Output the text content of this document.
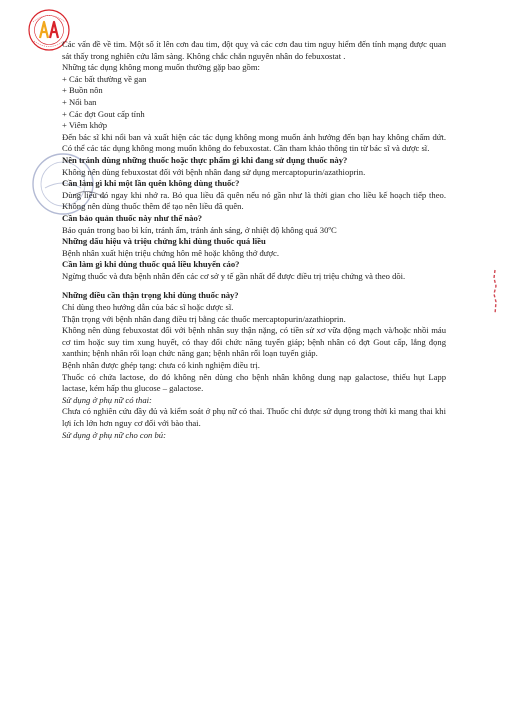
Các vấn đề về tim. Một số ít lên cơn đau tim, đột quỵ và các cơn đau tim nguy hiểm đến tính mạng được quan sát thấy trong nghiên cứu lâm sàng. Không chắc chắn nguyên nhân do febuxostat .

Những tác dụng không mong muốn thường gặp bao gồm:

+ Các bất thường về gan

+ Buồn nôn

+ Nổi ban

+ Các đợt Gout cấp tính

+ Viêm khớp

Đến bác sĩ khi nổi ban và xuất hiện các tác dụng không mong muốn ảnh hưởng đến bạn hay không chấm dứt. Có thể các tác dụng không mong muốn không do febuxostat. Cần tham khảo thông tin từ bác sĩ và dược sĩ.

Nên tránh dùng những thuốc hoặc thực phẩm gì khi đang sử dụng thuốc này?

Không nên dùng febuxostat đối với bệnh nhân đang sử dụng mercaptopurin/azathioprin.

Cần làm gì khi một lần quên không dùng thuốc?

Dùng liều đó ngay khi nhớ ra. Bỏ qua liều đã quên nếu nó gần như là thời gian cho liều kế hoạch tiếp theo. Không nên dùng thuốc thêm để tạo nên liều đã quên.

Cần bảo quản thuốc này như thế nào?

Bảo quản trong bao bì kín, tránh ẩm, tránh ánh sáng, ở nhiệt độ không quá 30ºC

Những dấu hiệu và triệu chứng khi dùng thuốc quá liều

Bệnh nhân xuất hiện triệu chứng hôn mê hoặc không thở được.

Cần làm gì khi dùng thuốc quá liều khuyến cáo?

Ngừng thuốc và đưa bệnh nhân đến các cơ sở y tế gần nhất để được điều trị triệu chứng và theo dõi.

Những điều cần thận trọng khi dùng thuốc này?

Chỉ dùng theo hướng dẫn của bác sĩ hoặc dược sĩ.

Thận trọng với bệnh nhân đang điều trị bằng các thuốc mercaptopurin/azathioprin.

Không nên dùng febuxostat đối với bệnh nhân suy thận nặng, có tiền sử xơ vữa động mạch và/hoặc nhồi máu cơ tim hoặc suy tim xung huyết, có thay đổi chức năng tuyến giáp; bệnh nhân có đợt Gout cấp, lắng đọng xanthin; bệnh nhân rối loạn chức năng gan; bệnh nhân rối loạn tuyến giáp.

Bệnh nhân được ghép tạng: chưa có kinh nghiệm điều trị.

Thuốc có chứa lactose, do đó không nên dùng cho bệnh nhân không dung nạp galactose, thiếu hụt Lapp lactase, kém hấp thu glucose – galactose.

Sử dụng ở phụ nữ có thai:

Chưa có nghiên cứu đầy đủ và kiểm soát ở phụ nữ có thai. Thuốc chỉ được sử dụng trong thời kì mang thai khi lợi ích lớn hơn nguy cơ đối với bào thai.

Sử dụng ở phụ nữ cho con bú:
